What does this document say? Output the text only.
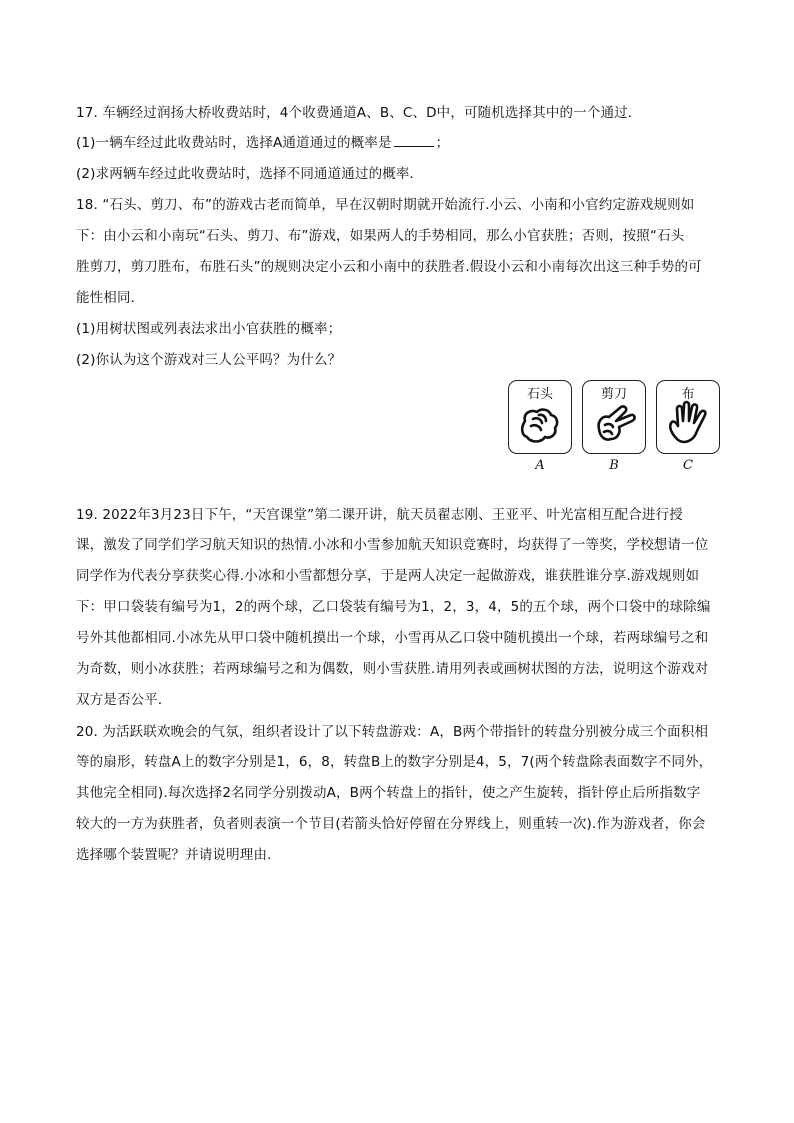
17. 车辆经过润扬大桥收费站时，4个收费通道A、B、C、D中，可随机选择其中的一个通过．
(1)一辆车经过此收费站时，选择A通道通过的概率是	；
(2)求两辆车经过此收费站时，选择不同通道通过的概率．
18. “石头、剪刀、布”的游戏古老而简单，早在汉朝时期就开始流行.小云、小南和小官约定游戏规则如
下：由小云和小南玩“石头、剪刀、布”游戏，如果两人的手势相同，那么小官获胜；否则，按照“石头
胜剪刀，剪刀胜布，布胜石头”的规则决定小云和小南中的获胜者.假设小云和小南每次出这三种手势的可
能性相同．
(1)用树状图或列表法求出小官获胜的概率；
(2)你认为这个游戏对三人公平吗？为什么？
石头
A
剪刀
B
布
C
19. 2022年3月23日下午，“天宫课堂”第二课开讲，航天员翟志刚、王亚平、叶光富相互配合进行授
课，激发了同学们学习航天知识的热情.小冰和小雪参加航天知识竞赛时，均获得了一等奖，学校想请一位
同学作为代表分享获奖心得.小冰和小雪都想分享，于是两人决定一起做游戏，谁获胜谁分享.游戏规则如
下：甲口袋装有编号为1，2的两个球，乙口袋装有编号为1，2，3，4，5的五个球，两个口袋中的球除编
号外其他都相同.小冰先从甲口袋中随机摸出一个球，小雪再从乙口袋中随机摸出一个球，若两球编号之和
为奇数，则小冰获胜；若两球编号之和为偶数，则小雪获胜.请用列表或画树状图的方法，说明这个游戏对
双方是否公平．
20. 为活跃联欢晚会的气氛，组织者设计了以下转盘游戏：A，B两个带指针的转盘分别被分成三个面积相
等的扇形，转盘A上的数字分别是1，6，8，转盘B上的数字分别是4，5，7(两个转盘除表面数字不同外，
其他完全相同).每次选择2名同学分别拨动A，B两个转盘上的指针，使之产生旋转，指针停止后所指数字
较大的一方为获胜者，负者则表演一个节目(若箭头恰好停留在分界线上，则重转一次).作为游戏者，你会
选择哪个装置呢？并请说明理由．
